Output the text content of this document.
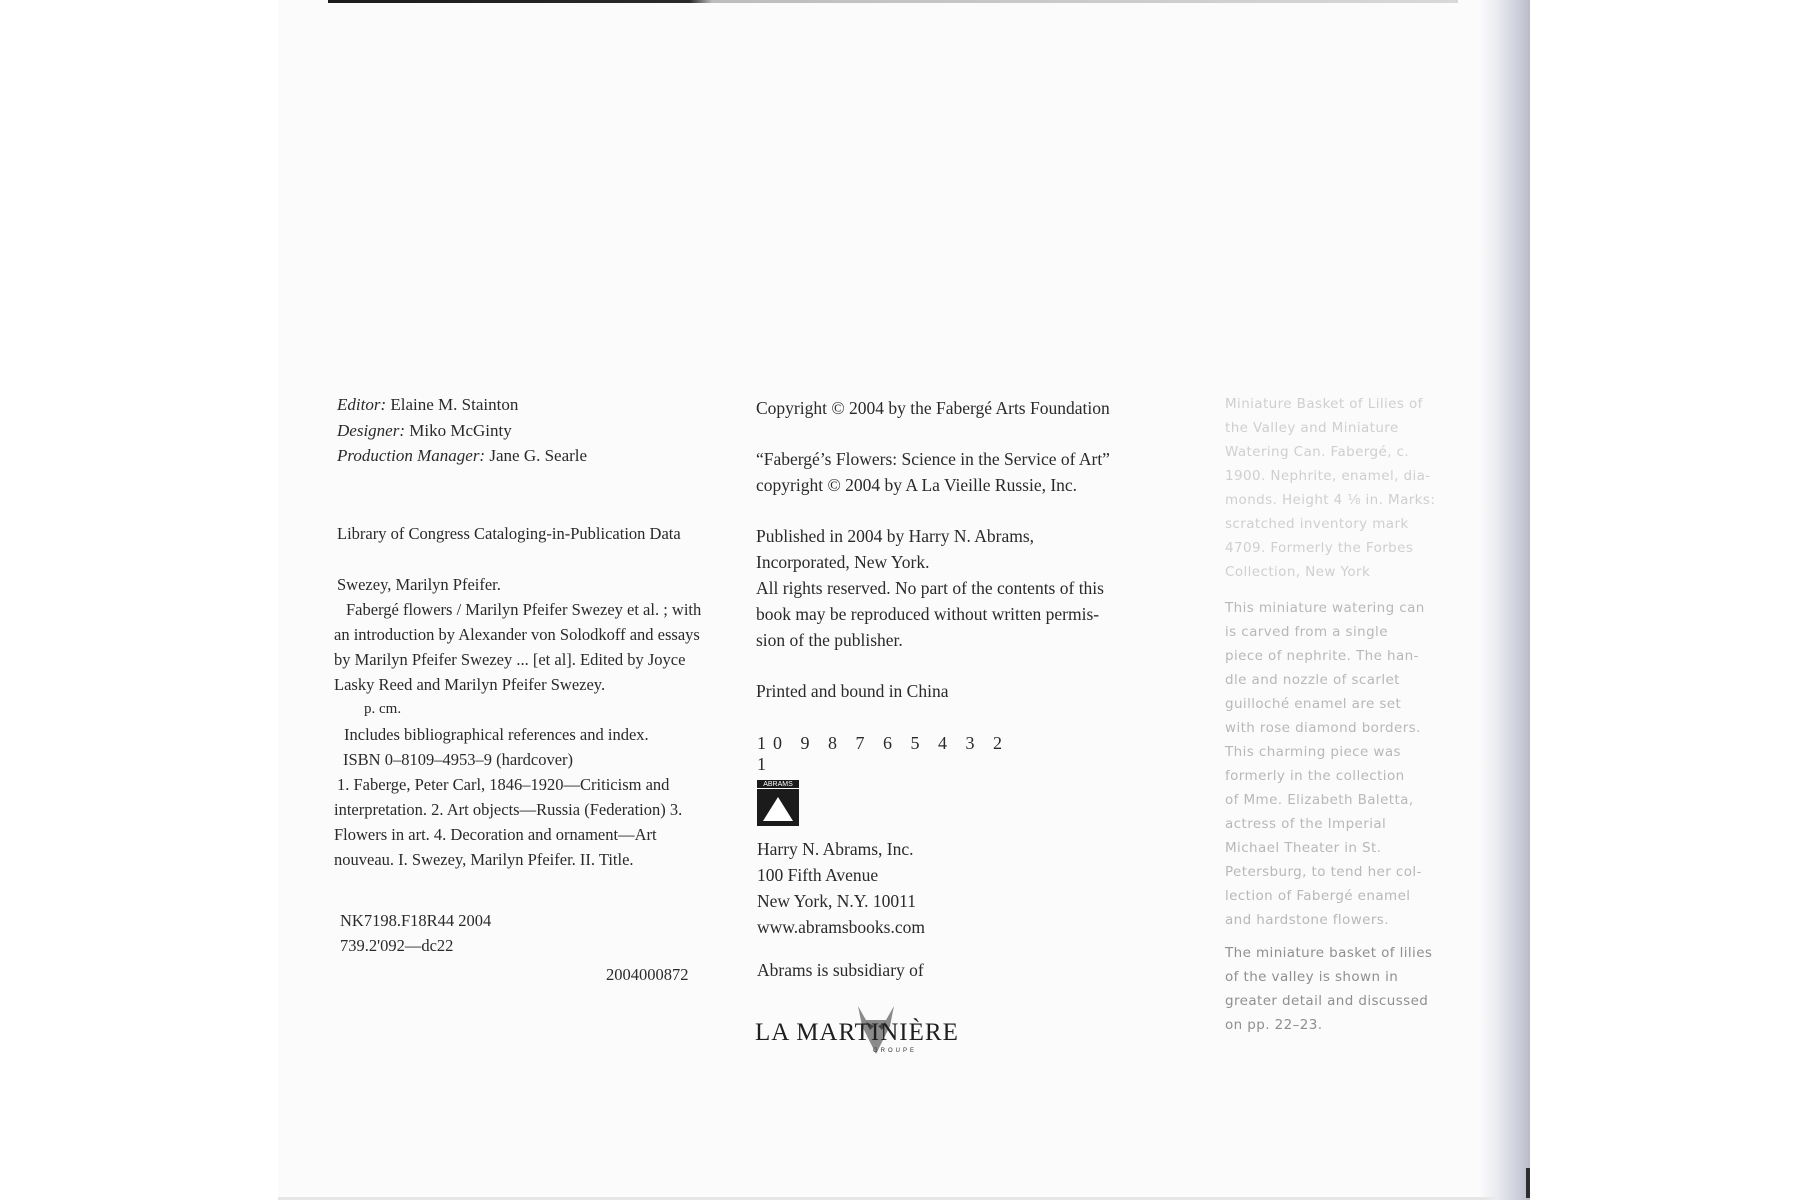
Editor: Elaine M. Stainton

Designer: Miko McGinty

Production Manager: Jane G. Searle

Library of Congress Cataloging-in-Publication Data

Swezey, Marilyn Pfeifer.

Fabergé flowers / Marilyn Pfeifer Swezey et al. ; with

an introduction by Alexander von Solodkoff and essays

by Marilyn Pfeifer Swezey ... [et al]. Edited by Joyce

Lasky Reed and Marilyn Pfeifer Swezey.

p. cm.

Includes bibliographical references and index.

ISBN 0–8109–4953–9 (hardcover)

1. Faberge, Peter Carl, 1846–1920—Criticism and

interpretation. 2. Art objects—Russia (Federation) 3.

Flowers in art. 4. Decoration and ornament—Art

nouveau. I. Swezey, Marilyn Pfeifer. II. Title.

NK7198.F18R44 2004

739.2'092—dc22

2004000872

Copyright © 2004 by the Fabergé Arts Foundation

“Fabergé’s Flowers: Science in the Service of Art”

copyright © 2004 by A La Vieille Russie, Inc.

Published in 2004 by Harry N. Abrams,

Incorporated, New York.

All rights reserved. No part of the contents of this

book may be reproduced without written permis-

sion of the publisher.

Printed and bound in China

10 9 8 7 6 5 4 3 2 1
ABRAMS

Harry N. Abrams, Inc.

100 Fifth Avenue

New York, N.Y. 10011

www.abramsbooks.com

Abrams is subsidiary of

LA MARTINIÈRE
GROUPE

Miniature Basket of Lilies of

the Valley and Miniature

Watering Can. Fabergé, c.

1900. Nephrite, enamel, dia-

monds. Height 4 ⅛ in. Marks:

scratched inventory mark

4709. Formerly the Forbes

Collection, New York

This miniature watering can

is carved from a single

piece of nephrite. The han-

dle and nozzle of scarlet

guilloché enamel are set

with rose diamond borders.

This charming piece was

formerly in the collection

of Mme. Elizabeth Baletta,

actress of the Imperial

Michael Theater in St.

Petersburg, to tend her col-

lection of Fabergé enamel

and hardstone flowers.

The miniature basket of lilies

of the valley is shown in

greater detail and discussed

on pp. 22–23.
